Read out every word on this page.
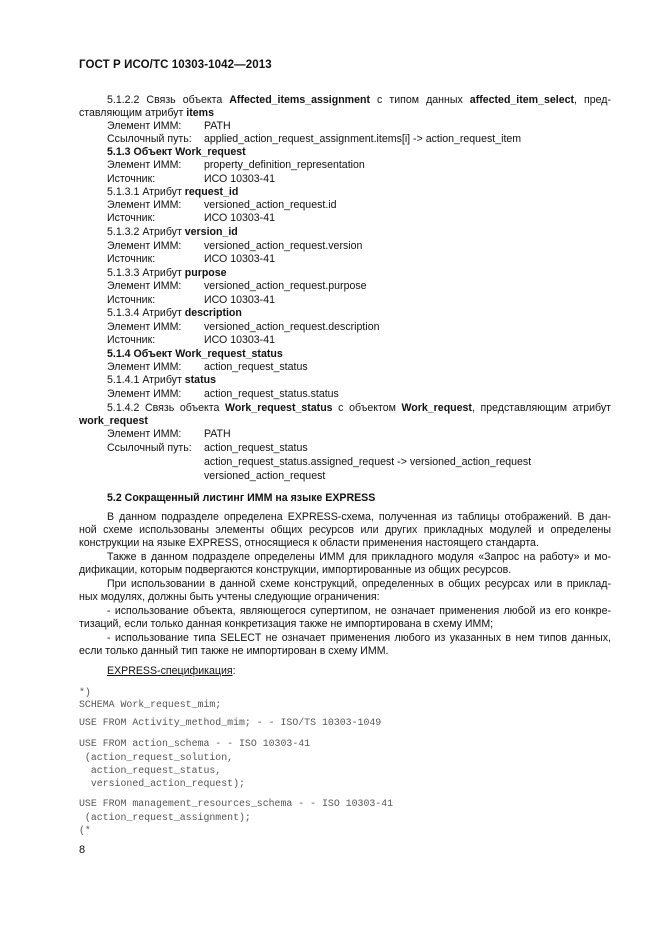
ГОСТ Р ИСО/ТС 10303-1042—2013
5.1.2.2 Связь объекта Affected_items_assignment с типом данных affected_item_select, пред-
ставляющим атрибут items
Элемент ИММ: PATH
Ссылочный путь: applied_action_request_assignment.items[i] -> action_request_item
5.1.3 Объект Work_request
Элемент ИММ: property_definition_representation
Источник:	ИСО 10303-41
5.1.3.1 Атрибут request_id
Элемент ИММ: versioned_action_request.id
Источник:	ИСО 10303-41
5.1.3.2 Атрибут version_id
Элемент ИММ: versioned_action_request.version
Источник:	ИСО 10303-41
5.1.3.3 Атрибут purpose
Элемент ИММ: versioned_action_request.purpose
Источник:	ИСО 10303-41
5.1.3.4 Атрибут description
Элемент ИММ: versioned_action_request.description
Источник:	ИСО 10303-41
5.1.4 Объект Work_request_status
Элемент ИММ: action_request_status
5.1.4.1 Атрибут status
Элемент ИММ: action_request_status.status
5.1.4.2 Связь объекта Work_request_status с объектом Work_request, представляющим атрибут
work_request
Элемент ИММ: PATH
Ссылочный путь: action_request_status
action_request_status.assigned_request -> versioned_action_request
versioned_action_request
5.2 Сокращенный листинг ИММ на языке EXPRESS
В данном подразделе определена EXPRESS-схема, полученная из таблицы отображений. В дан-
ной схеме использованы элементы общих ресурсов или других прикладных модулей и определены
конструкции на языке EXPRESS, относящиеся к области применения настоящего стандарта.
Также в данном подразделе определены ИММ для прикладного модуля «Запрос на работу» и мо-
дификации, которым подвергаются конструкции, импортированные из общих ресурсов.
При использовании в данной схеме конструкций, определенных в общих ресурсах или в приклад-
ных модулях, должны быть учтены следующие ограничения:
- использование объекта, являющегося супертипом, не означает применения любой из его конкре-
тизаций, если только данная конкретизация также не импортирована в схему ИММ;
- использование типа SELECT не означает применения любого из указанных в нем типов данных,
если только данный тип также не импортирован в схему ИММ.
EXPRESS-спецификация:
*)
SCHEMA Work_request_mim;
USE FROM Activity_method_mim; - - ISO/TS 10303-1049
USE FROM action_schema - - ISO 10303-41
(action_request_solution,
action_request_status,
versioned_action_request);
USE FROM management_resources_schema - - ISO 10303-41
(action_request_assignment);
(*
8
